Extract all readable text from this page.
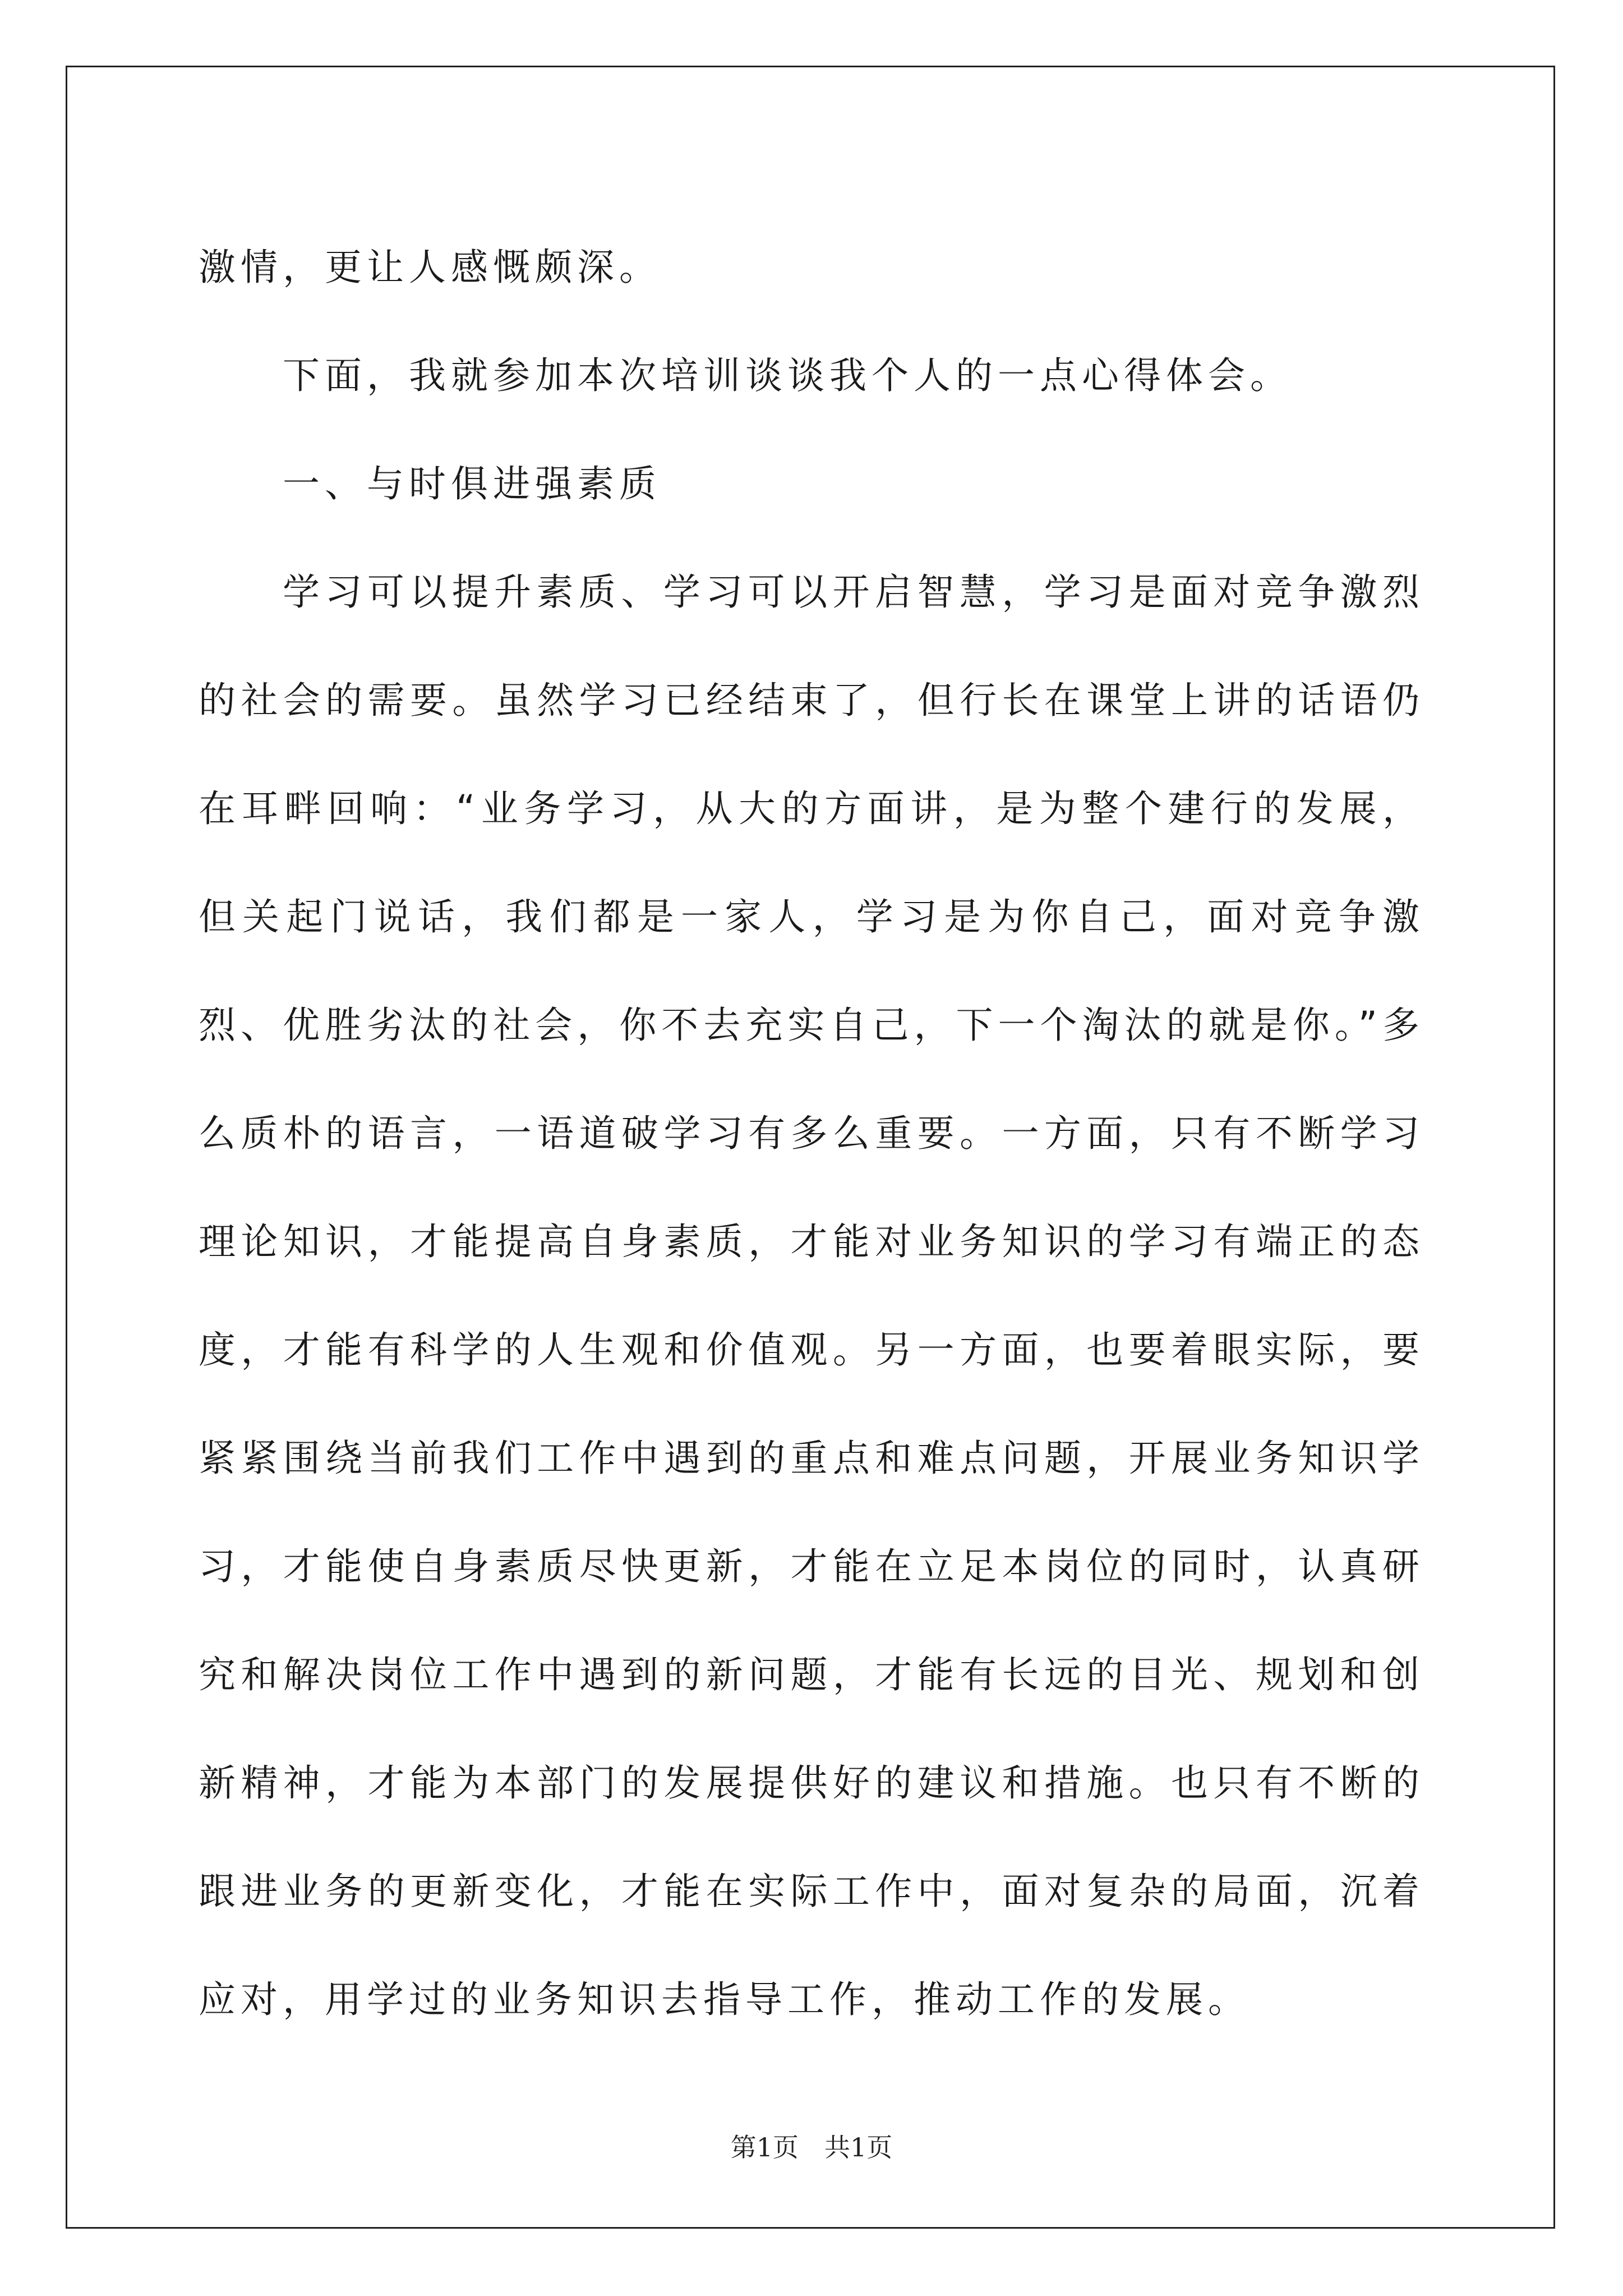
激情，更让人感慨颇深。

下面，我就参加本次培训谈谈我个人的一点心得体会。

一、与时俱进强素质

学习可以提升素质、学习可以开启智慧，学习是面对竞争激烈的社会的需要。虽然学习已经结束了，但行长在课堂上讲的话语仍在耳畔回响：“业务学习，从大的方面讲，是为整个建行的发展，但关起门说话，我们都是一家人，学习是为你自己，面对竞争激烈、优胜劣汰的社会，你不去充实自己，下一个淘汰的就是你。”多么质朴的语言，一语道破学习有多么重要。一方面，只有不断学习理论知识，才能提高自身素质，才能对业务知识的学习有端正的态度，才能有科学的人生观和价值观。另一方面，也要着眼实际，要紧紧围绕当前我们工作中遇到的重点和难点问题，开展业务知识学习，才能使自身素质尽快更新，才能在立足本岗位的同时，认真研究和解决岗位工作中遇到的新问题，才能有长远的目光、规划和创新精神，才能为本部门的发展提供好的建议和措施。也只有不断的跟进业务的更新变化，才能在实际工作中，面对复杂的局面，沉着应对，用学过的业务知识去指导工作，推动工作的发展。

第1页　共1页
